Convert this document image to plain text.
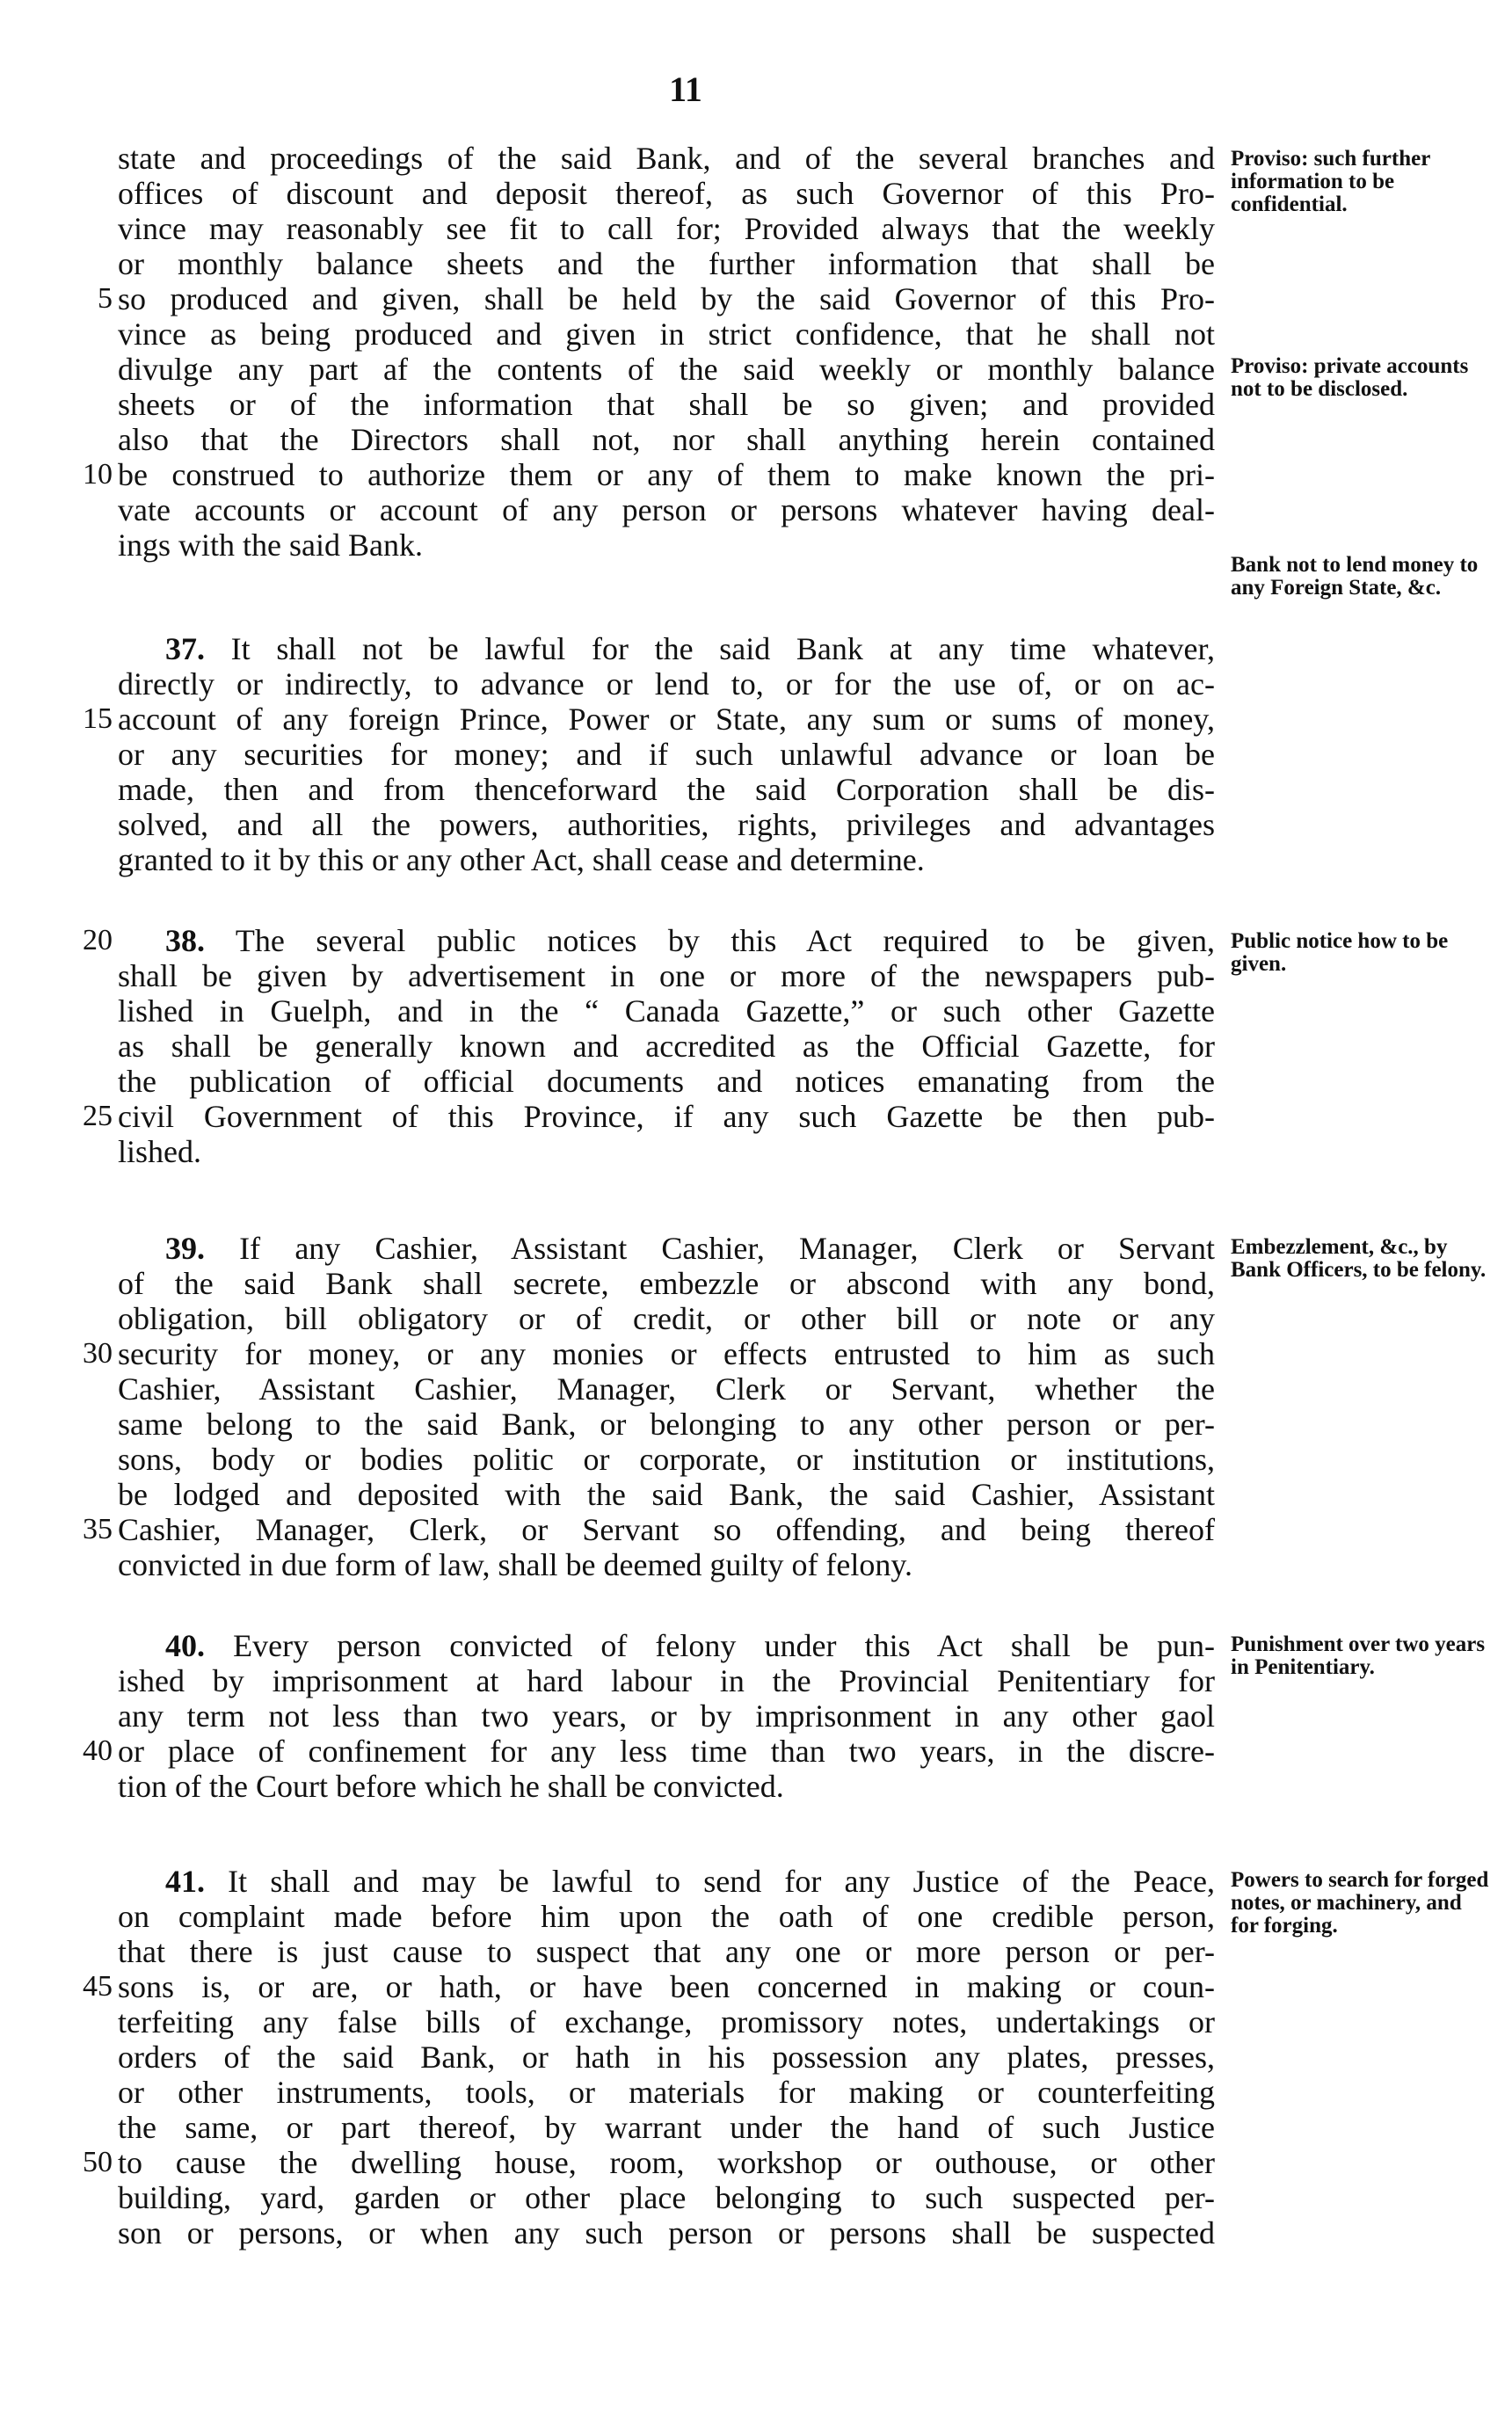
11
state and proceedings of the said Bank, and of the several branches and
offices of discount and deposit thereof, as such Governor of this Pro-
vince may reasonably see fit to call for; Provided always that the weekly
or monthly balance sheets and the further information that shall be
5 so produced and given, shall be held by the said Governor of this Pro-
vince as being produced and given in strict confidence, that he shall not
divulge any part af the contents of the said weekly or monthly balance
sheets or of the information that shall be so given; and provided
also that the Directors shall not, nor shall anything herein contained
10 be construed to authorize them or any of them to make known the pri-
vate accounts or account of any person or persons whatever having deal-
ings with the said Bank.
37. It shall not be lawful for the said Bank at any time whatever,
directly or indirectly, to advance or lend to, or for the use of, or on ac-
15 account of any foreign Prince, Power or State, any sum or sums of money,
or any securities for money; and if such unlawful advance or loan be
made, then and from thenceforward the said Corporation shall be dis-
solved, and all the powers, authorities, rights, privileges and advantages
granted to it by this or any other Act, shall cease and determine.
20 38. The several public notices by this Act required to be given,
shall be given by advertisement in one or more of the newspapers pub-
lished in Guelph, and in the “ Canada Gazette,” or such other Gazette
as shall be generally known and accredited as the Official Gazette, for
the publication of official documents and notices emanating from the
25 civil Government of this Province, if any such Gazette be then pub-
lished.
39. If any Cashier, Assistant Cashier, Manager, Clerk or Servant
of the said Bank shall secrete, embezzle or abscond with any bond,
obligation, bill obligatory or of credit, or other bill or note or any
30 security for money, or any monies or effects entrusted to him as such
Cashier, Assistant Cashier, Manager, Clerk or Servant, whether the
same belong to the said Bank, or belonging to any other person or per-
sons, body or bodies politic or corporate, or institution or institutions,
be lodged and deposited with the said Bank, the said Cashier, Assistant
35 Cashier, Manager, Clerk, or Servant so offending, and being thereof
convicted in due form of law, shall be deemed guilty of felony.
40. Every person convicted of felony under this Act shall be pun-
ished by imprisonment at hard labour in the Provincial Penitentiary for
any term not less than two years, or by imprisonment in any other gaol
40 or place of confinement for any less time than two years, in the discre-
tion of the Court before which he shall be convicted.
41. It shall and may be lawful to send for any Justice of the Peace,
on complaint made before him upon the oath of one credible person,
that there is just cause to suspect that any one or more person or per-
45 sons is, or are, or hath, or have been concerned in making or coun-
terfeiting any false bills of exchange, promissory notes, undertakings or
orders of the said Bank, or hath in his possession any plates, presses,
or other instruments, tools, or materials for making or counterfeiting
the same, or part thereof, by warrant under the hand of such Justice
50 to cause the dwelling house, room, workshop or outhouse, or other
building, yard, garden or other place belonging to such suspected per-
son or persons, or when any such person or persons shall be suspected
Proviso: such further information to be confidential.
Proviso: private accounts not to be disclosed.
Bank not to lend money to any Foreign State, &c.
Public notice how to be given.
Embezzlement, &c., by Bank Officers, to be felony.
Punishment over two years in Penitentiary.
Powers to search for forged notes, or machinery, and for forging.
